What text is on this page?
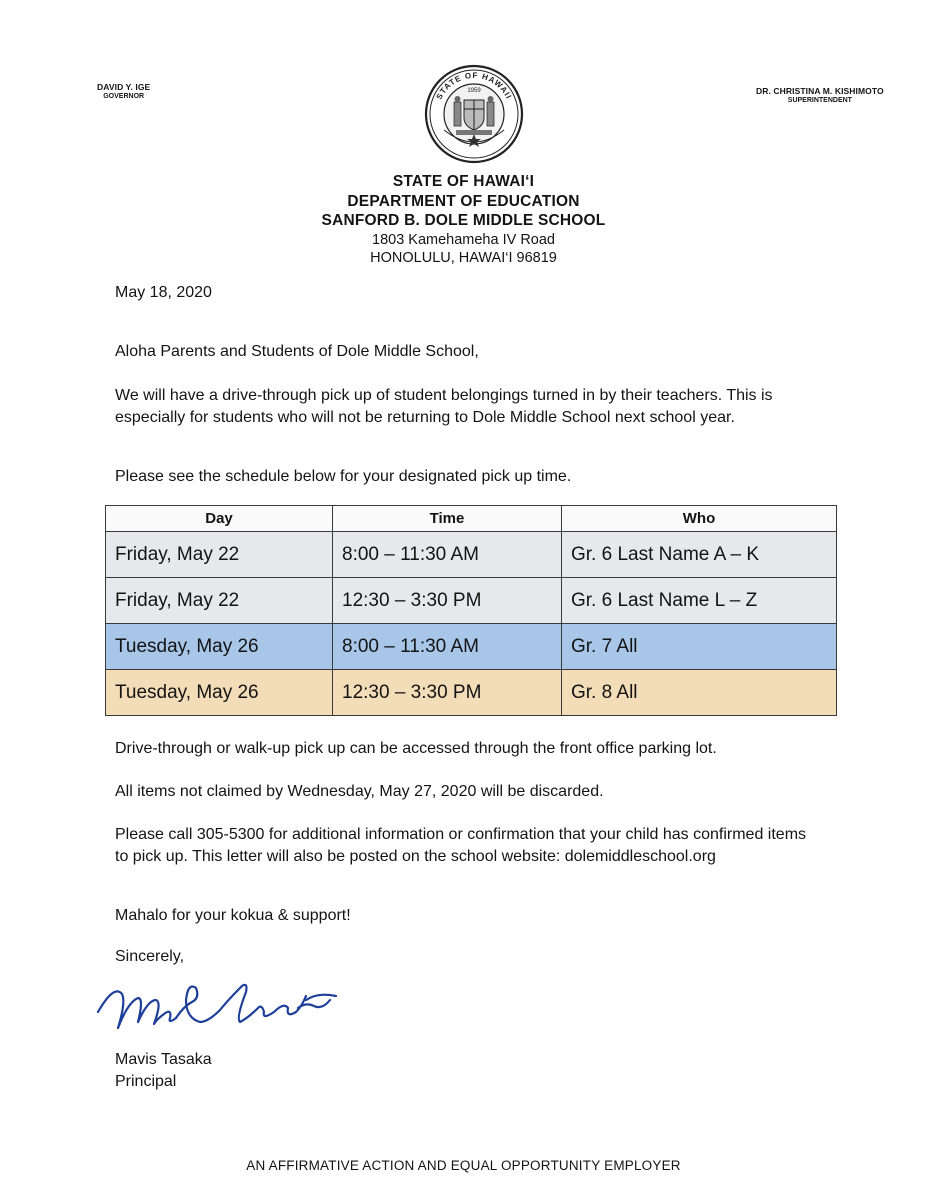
DAVID Y. IGE
GOVERNOR
DR. CHRISTINA M. KISHIMOTO
SUPERINTENDENT
STATE OF HAWAII
1959
STATE OF HAWAI‘I
DEPARTMENT OF EDUCATION
SANFORD B. DOLE MIDDLE SCHOOL
1803 Kamehameha IV Road
HONOLULU, HAWAI‘I 96819
May 18, 2020
Aloha Parents and Students of Dole Middle School,
We will have a drive-through pick up of student belongings turned in by their teachers. This is especially for students who will not be returning to Dole Middle School next school year.
Please see the schedule below for your designated pick up time.
Day	Time	Who
Friday, May 22	8:00 – 11:30 AM	Gr. 6 Last Name A – K
Friday, May 22	12:30 – 3:30 PM	Gr. 6 Last Name L – Z
Tuesday, May 26	8:00 – 11:30 AM	Gr. 7 All
Tuesday, May 26	12:30 – 3:30 PM	Gr. 8 All
Drive-through or walk-up pick up can be accessed through the front office parking lot.
All items not claimed by Wednesday, May 27, 2020 will be discarded.
Please call 305-5300 for additional information or confirmation that your child has confirmed items to pick up. This letter will also be posted on the school website: dolemiddleschool.org
Mahalo for your kokua & support!
Sincerely,
Mavis Tasaka
Principal
AN AFFIRMATIVE ACTION AND EQUAL OPPORTUNITY EMPLOYER
